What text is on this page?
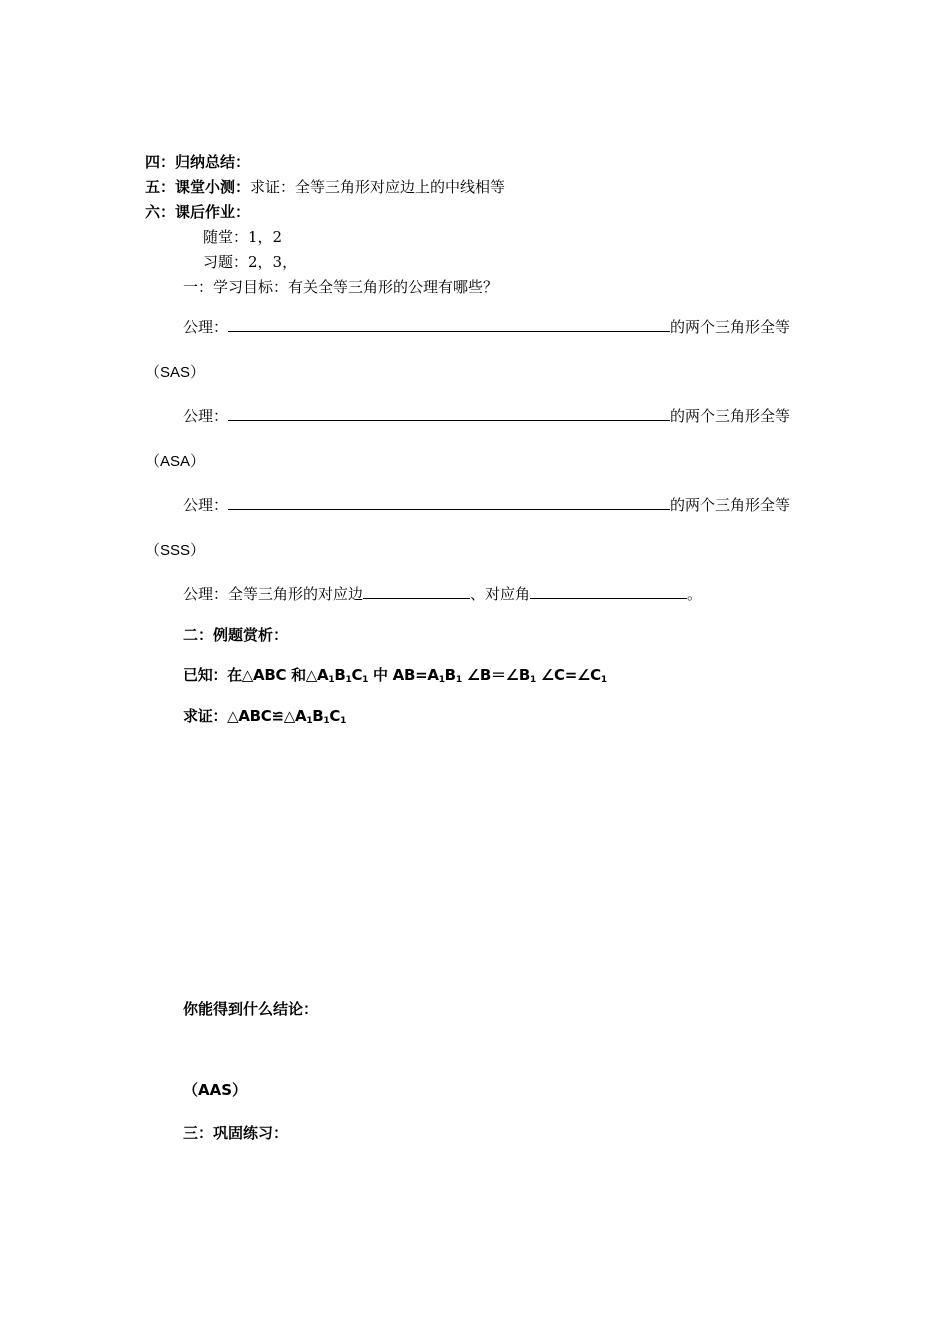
四：归纳总结：
五：课堂小测：求证：全等三角形对应边上的中线相等
六：课后作业：
随堂：1，2
习题：2，3，
一：学习目标：有关全等三角形的公理有哪些？
公理：	的两个三角形全等
（SAS）
公理：	的两个三角形全等
（ASA）
公理：	的两个三角形全等
（SSS）
公理：全等三角形的对应边	、对应角	。
二：例题赏析：
已知：在△ABC 和$\triangle A_1B_1C_1$ 中 $AB=A_1B_1$ $\angle B=\angle B_1$ $\angle C=\angle C_1$
求证：$\triangle ABC≌\triangle A_1B_1C_1$
你能得到什么结论：
（AAS）
三：巩固练习：
